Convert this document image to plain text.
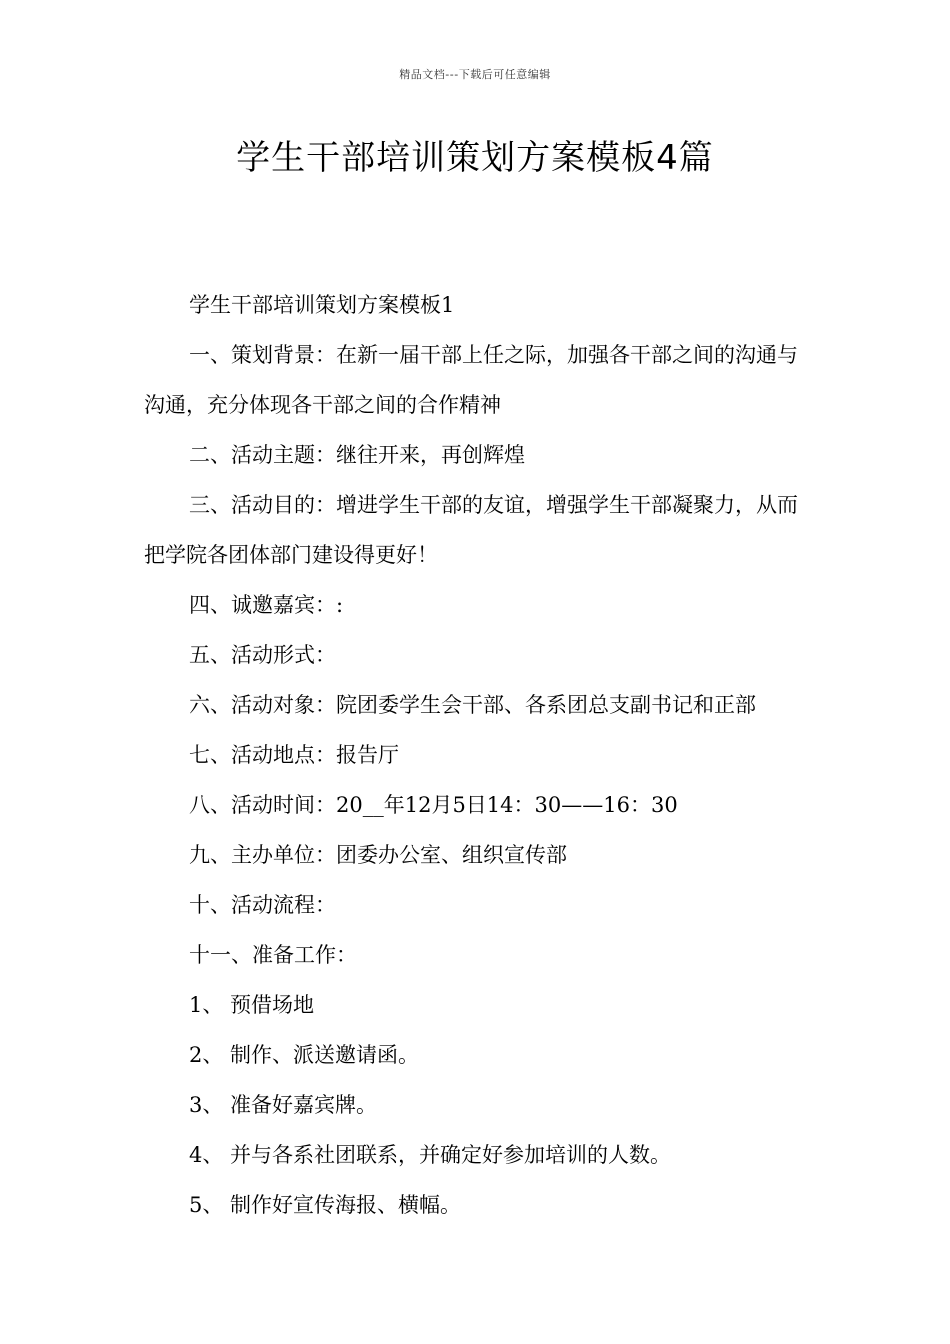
精品文档---下载后可任意编辑
学生干部培训策划方案模板4篇

学生干部培训策划方案模板1

一、策划背景：在新一届干部上任之际，加强各干部之间的沟通与沟通，充分体现各干部之间的合作精神

二、活动主题：继往开来，再创辉煌

三、活动目的：增进学生干部的友谊，增强学生干部凝聚力，从而把学院各团体部门建设得更好！

四、诚邀嘉宾：:

五、活动形式：

六、活动对象：院团委学生会干部、各系团总支副书记和正部

七、活动地点：报告厅

八、活动时间：20__年12月5日14：30——16：30

九、主办单位：团委办公室、组织宣传部

十、活动流程：

十一、准备工作：

1、 预借场地

2、 制作、派送邀请函。

3、 准备好嘉宾牌。

4、 并与各系社团联系，并确定好参加培训的人数。

5、 制作好宣传海报、横幅。
